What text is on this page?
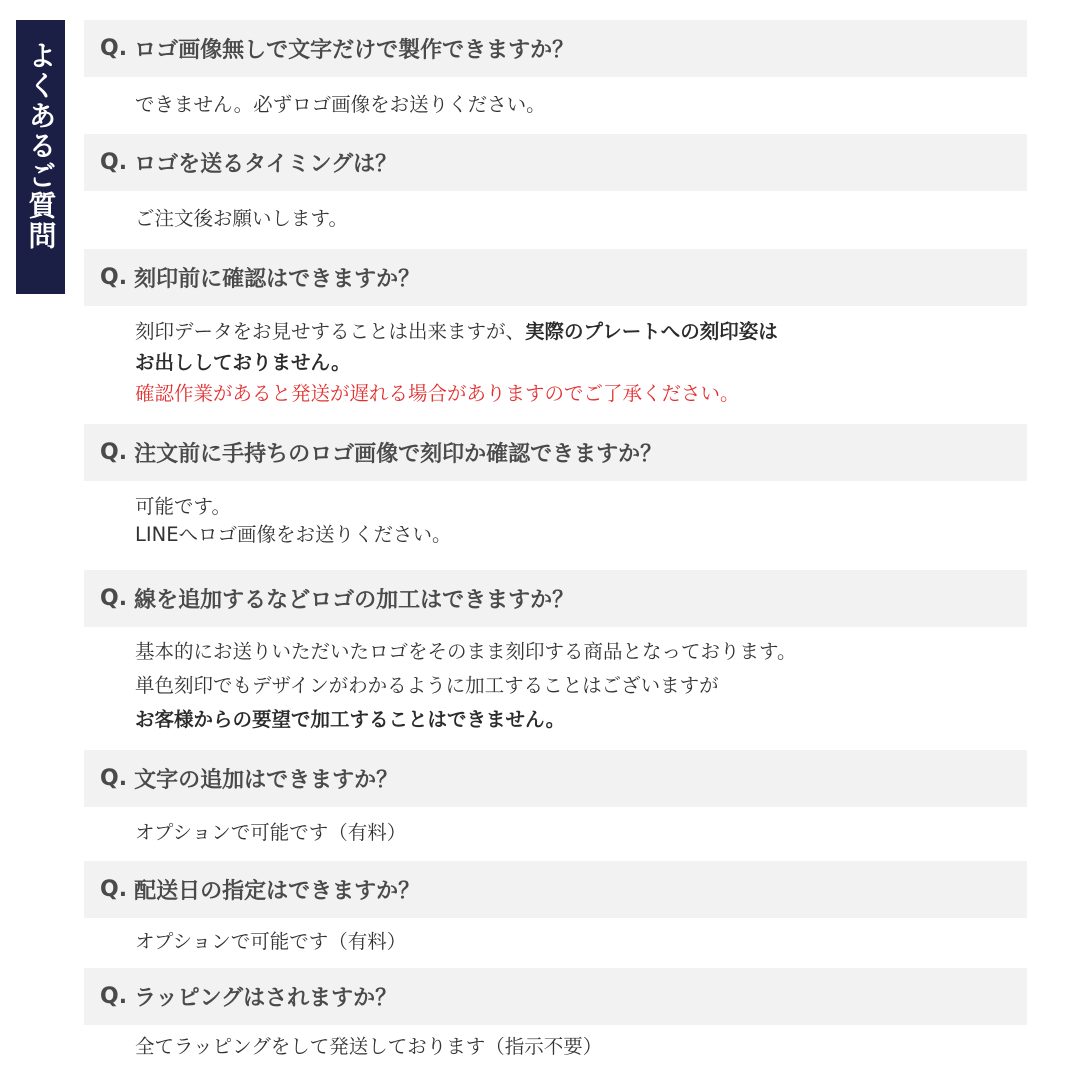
よくあるご質問 Q. ロゴ画像無しで文字だけで製作できますか？
できません。必ずロゴ画像をお送りください。
Q. ロゴを送るタイミングは？
ご注文後お願いします。
Q. 刻印前に確認はできますか？
刻印データをお見せすることは出来ますが、実際のプレートへの刻印姿は
お出ししておりません。
確認作業があると発送が遅れる場合がありますのでご了承ください。
Q. 注文前に手持ちのロゴ画像で刻印か確認できますか？
可能です。
LINEへロゴ画像をお送りください。
Q. 線を追加するなどロゴの加工はできますか？
基本的にお送りいただいたロゴをそのまま刻印する商品となっております。
単色刻印でもデザインがわかるように加工することはございますが
お客様からの要望で加工することはできません。
Q. 文字の追加はできますか？
オプションで可能です（有料）
Q. 配送日の指定はできますか？
オプションで可能です（有料）
Q. ラッピングはされますか？
全てラッピングをして発送しております（指示不要）
